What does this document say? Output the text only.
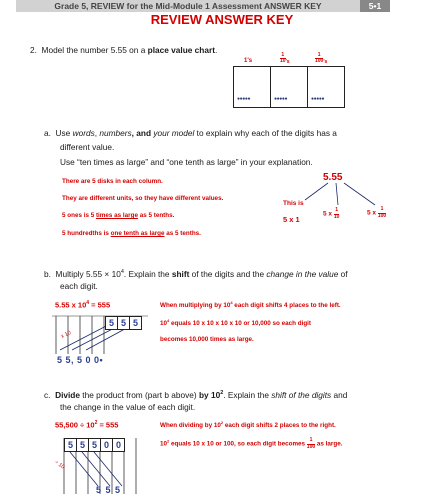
Grade 5, REVIEW for the Mid-Module 1 Assessment ANSWER KEY	5•1
REVIEW ANSWER KEY
2. Model the number 5.55 on a place value chart.
1's	$\frac{1}{10}$ 's	$\frac{1}{100}$ 's
●●●●●	●●●●●	●●●●●
a. Use words, numbers, and your model to explain why each of the digits has a
different value.
Use “ten times as large” and “one tenth as large” in your explanation.
There are 5 disks in each column.
They are different units, so they have different values.
5 ones is 5 times as large as 5 tenths.
5 hundredths is one tenth as large as 5 tenths.
5.55
This is
5 x 1
5 x $\frac{1}{10}$	5 x $\frac{1}{100}$
b. Multiply $5.55 \times 10^4$. Explain the shift of the digits and the change in the value of
each digit.
5.55 x $10^4 = 555$
5 5 5
x 10
5 5, 5 0 0•
When multiplying by $10^4$ each digit shifts 4 places to the left.
$10^4$ equals 10 x 10 x 10 x 10 or 10,000 so each digit
becomes 10,000 times as large.
c. Divide the product from (part b above) by $10^2$. Explain the shift of the digits and
the change in the value of each digit.
$55,500 \div 10^2 = 555$
5 5 5 0 0
÷ 10
5 5 5
When dividing by $10^2$ each digit shifts 2 places to the right.
$10^2$ equals 10 x 10 or 100, so each digit becomes $\frac{1}{100}$ as large.
